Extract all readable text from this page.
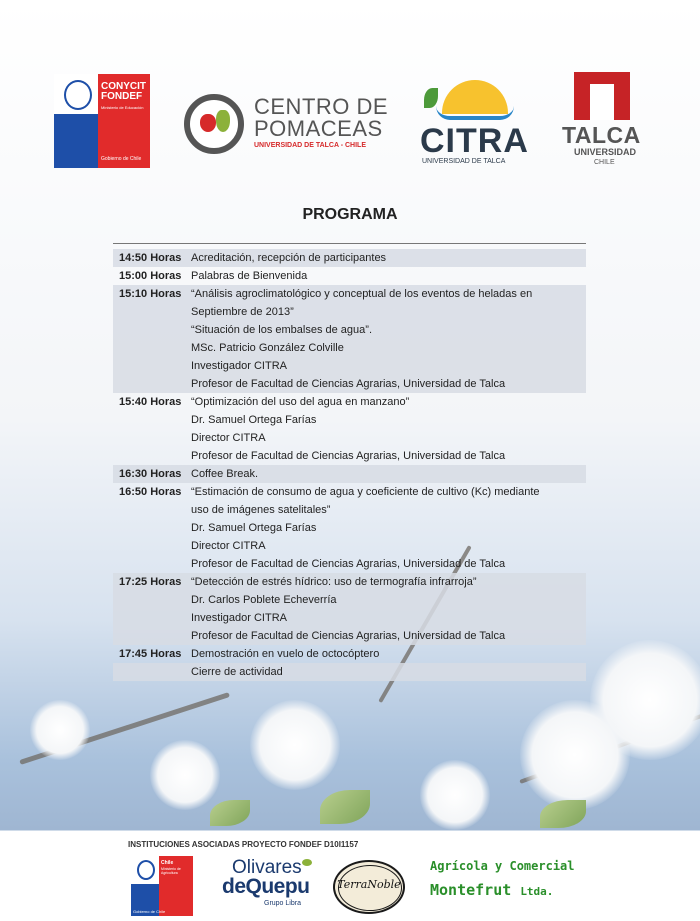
CONYCIT
FONDEF
Ministerio de Educación
Gobierno de Chile
CENTRO DE
POMACEAS
UNIVERSIDAD DE TALCA - CHILE CITRA
UNIVERSIDAD DE TALCA
TALCA
UNIVERSIDAD
CHILE
PROGRAMA
14:50 Horas Acreditación, recepción de participantes
15:00 Horas Palabras de Bienvenida
15:10 Horas “Análisis agroclimatológico y conceptual de los eventos de heladas en
Septiembre de 2013”
“Situación de los embalses de agua”.
MSc. Patricio González Colville
Investigador CITRA
Profesor de Facultad de Ciencias Agrarias, Universidad de Talca
15:40 Horas “Optimización del uso del agua en manzano”
Dr. Samuel Ortega Farías
Director CITRA
Profesor de Facultad de Ciencias Agrarias, Universidad de Talca
16:30 Horas Coffee Break.
16:50 Horas “Estimación de consumo de agua y coeficiente de cultivo (Kc) mediante
uso de imágenes satelitales”
Dr. Samuel Ortega Farías
Director CITRA
Profesor de Facultad de Ciencias Agrarias, Universidad de Talca
17:25 Horas “Detección de estrés hídrico: uso de termografía infrarroja”
Dr. Carlos Poblete Echeverría
Investigador CITRA
Profesor de Facultad de Ciencias Agrarias, Universidad de Talca
17:45 Horas Demostración en vuelo de octocóptero
Cierre de actividad
INSTITUCIONES ASOCIADAS PROYECTO FONDEF D10I1157
Chile
Ministerio de Agricultura
Gobierno de Chile
Olivares
deQuepu
Grupo Libra
TerraNoble
Agrícola y Comercial
Montefrut Ltda.
